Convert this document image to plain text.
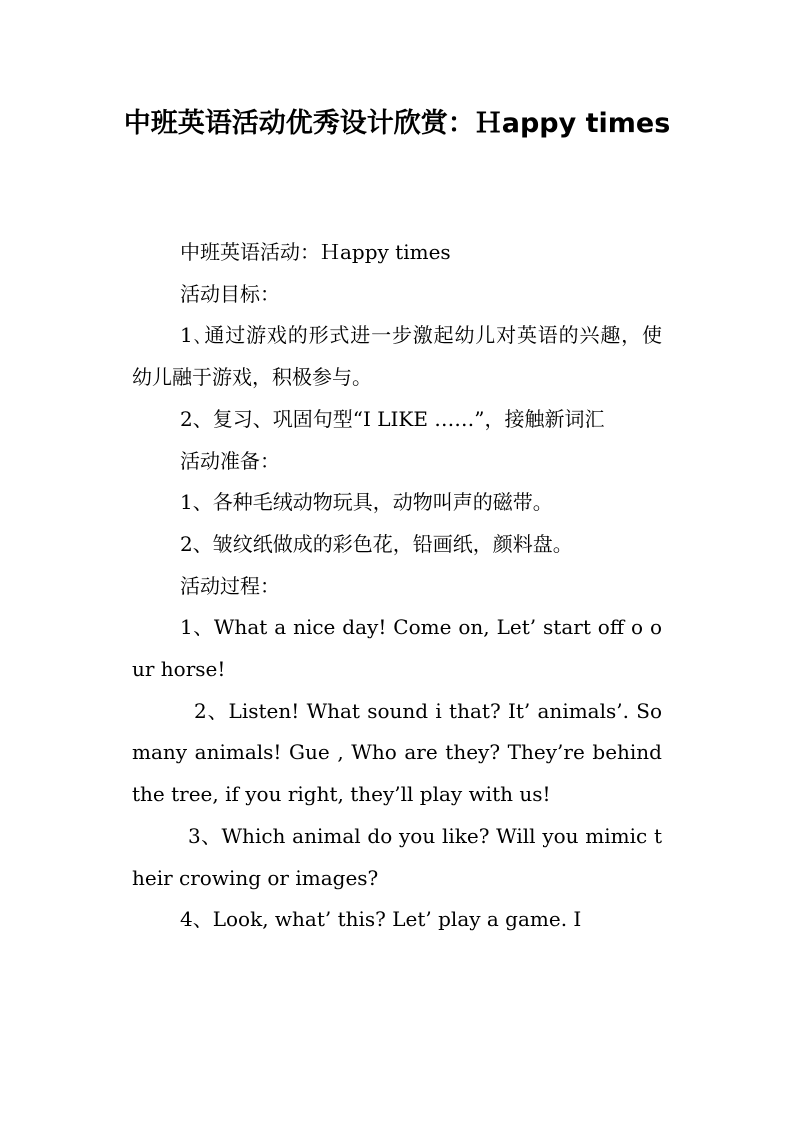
中班英语活动优秀设计欣赏：Ｈappy times

中班英语活动：Ｈappy times

活动目标：

1､通过游戏的形式进一步激起幼儿对英语的兴趣，使幼儿融于游戏，积极参与。

2、复习、巩固句型“I LIKE ……”，接触新词汇

活动准备：

1、各种毛绒动物玩具，动物叫声的磁带。

2、皱纹纸做成的彩色花，铅画纸，颜料盘。

活动过程：

1、What a nice day! Come on, Let’ start off o our horse!

2、Listen! What sound i that? It’ animals’. So many animals! Gue , Who are they? They’re behind the tree, if you right, they’ll play with us!

3、Which animal do you like? Will you mimic their crowing or images?

4、Look, what’ this? Let’ play a game. I
